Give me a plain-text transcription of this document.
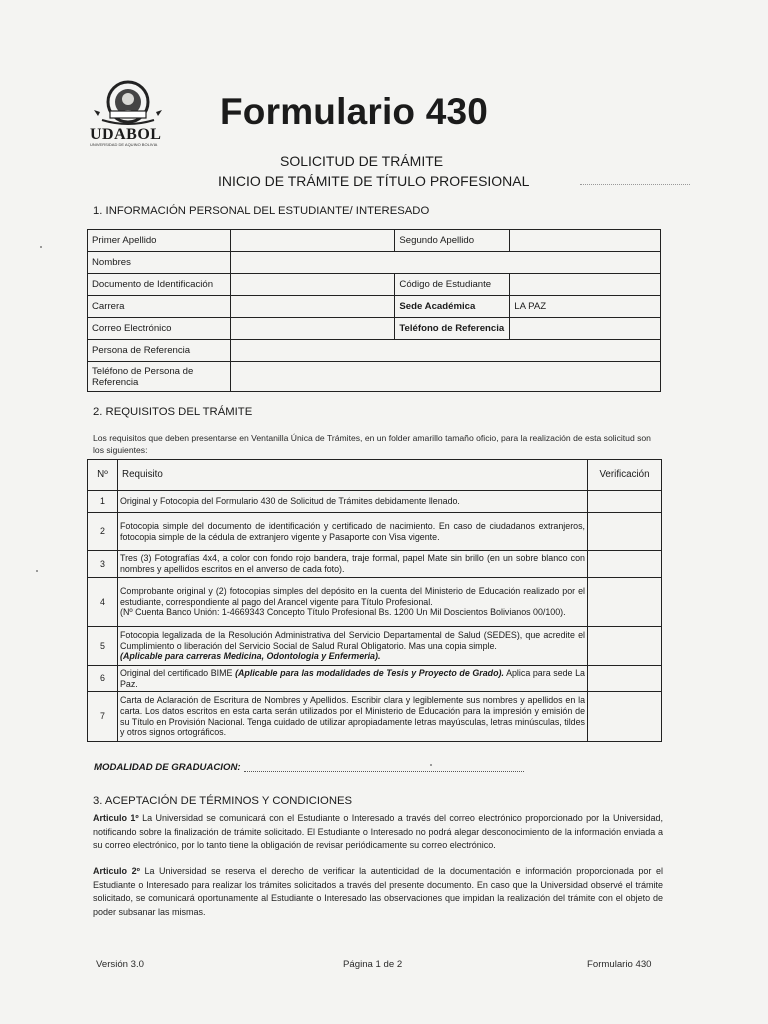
UDABOL
UNIVERSIDAD DE AQUINO BOLIVIA
Formulario 430
SOLICITUD DE TRÁMITE
INICIO DE TRÁMITE DE TÍTULO PROFESIONAL
1. INFORMACIÓN PERSONAL DEL ESTUDIANTE/ INTERESADO
Primer Apellido		Segundo Apellido	
Nombres			
Documento de Identificación		Código de Estudiante	
Carrera		Sede Académica	LA PAZ
Correo Electrónico		Teléfono de Referencia	
Persona de Referencia			
Teléfono de Persona de Referencia			
2. REQUISITOS DEL TRÁMITE
Los requisitos que deben presentarse en Ventanilla Única de Trámites, en un folder amarillo tamaño oficio, para la realización de esta solicitud son los siguientes:
Nº	Requisito	Verificación
1	Original y Fotocopia del Formulario 430 de Solicitud de Trámites debidamente llenado.	
2	Fotocopia simple del documento de identificación y certificado de nacimiento. En caso de ciudadanos extranjeros, fotocopia simple de la cédula de extranjero vigente y Pasaporte con Visa vigente.	
3	Tres (3) Fotografías 4x4, a color con fondo rojo bandera, traje formal, papel Mate sin brillo (en un sobre blanco con nombres y apellidos escritos en el anverso de cada foto).	
4	Comprobante original y (2) fotocopias simples del depósito en la cuenta del Ministerio de Educación realizado por el estudiante, correspondiente al pago del Arancel vigente para Título Profesional.
(Nº Cuenta Banco Unión: 1-4669343 Concepto Título Profesional Bs. 1200 Un Mil Doscientos Bolivianos 00/100).	
5	Fotocopia legalizada de la Resolución Administrativa del Servicio Departamental de Salud (SEDES), que acredite el Cumplimiento o liberación del Servicio Social de Salud Rural Obligatorio. Mas una copia simple.
(Aplicable para carreras Medicina, Odontologia y Enfermeria).	
6	Original del certificado BIME (Aplicable para las modalidades de Tesis y Proyecto de Grado). Aplica para sede La Paz.	
7	Carta de Aclaración de Escritura de Nombres y Apellidos. Escribir clara y legiblemente sus nombres y apellidos en la carta. Los datos escritos en esta carta serán utilizados por el Ministerio de Educación para la impresión y emisión de su Título en Provisión Nacional. Tenga cuidado de utilizar apropiadamente letras mayúsculas, letras minúsculas, tildes y otros signos ortográficos.	
MODALIDAD DE GRADUACION:
3. ACEPTACIÓN DE TÉRMINOS Y CONDICIONES
Articulo 1º La Universidad se comunicará con el Estudiante o Interesado a través del correo electrónico proporcionado por la Universidad, notificando sobre la finalización de trámite solicitado. El Estudiante o Interesado no podrá alegar desconocimiento de la información enviada a su correo electrónico, por lo tanto tiene la obligación de revisar periódicamente su correo electrónico.
Articulo 2º La Universidad se reserva el derecho de verificar la autenticidad de la documentación e información proporcionada por el Estudiante o Interesado para realizar los trámites solicitados a través del presente documento. En caso que la Universidad observé el trámite solicitado, se comunicará oportunamente al Estudiante o Interesado las observaciones que impidan la realización del trámite con el objeto de poder subsanar las mismas.
Versión 3.0	Página 1 de 2	Formulario 430
